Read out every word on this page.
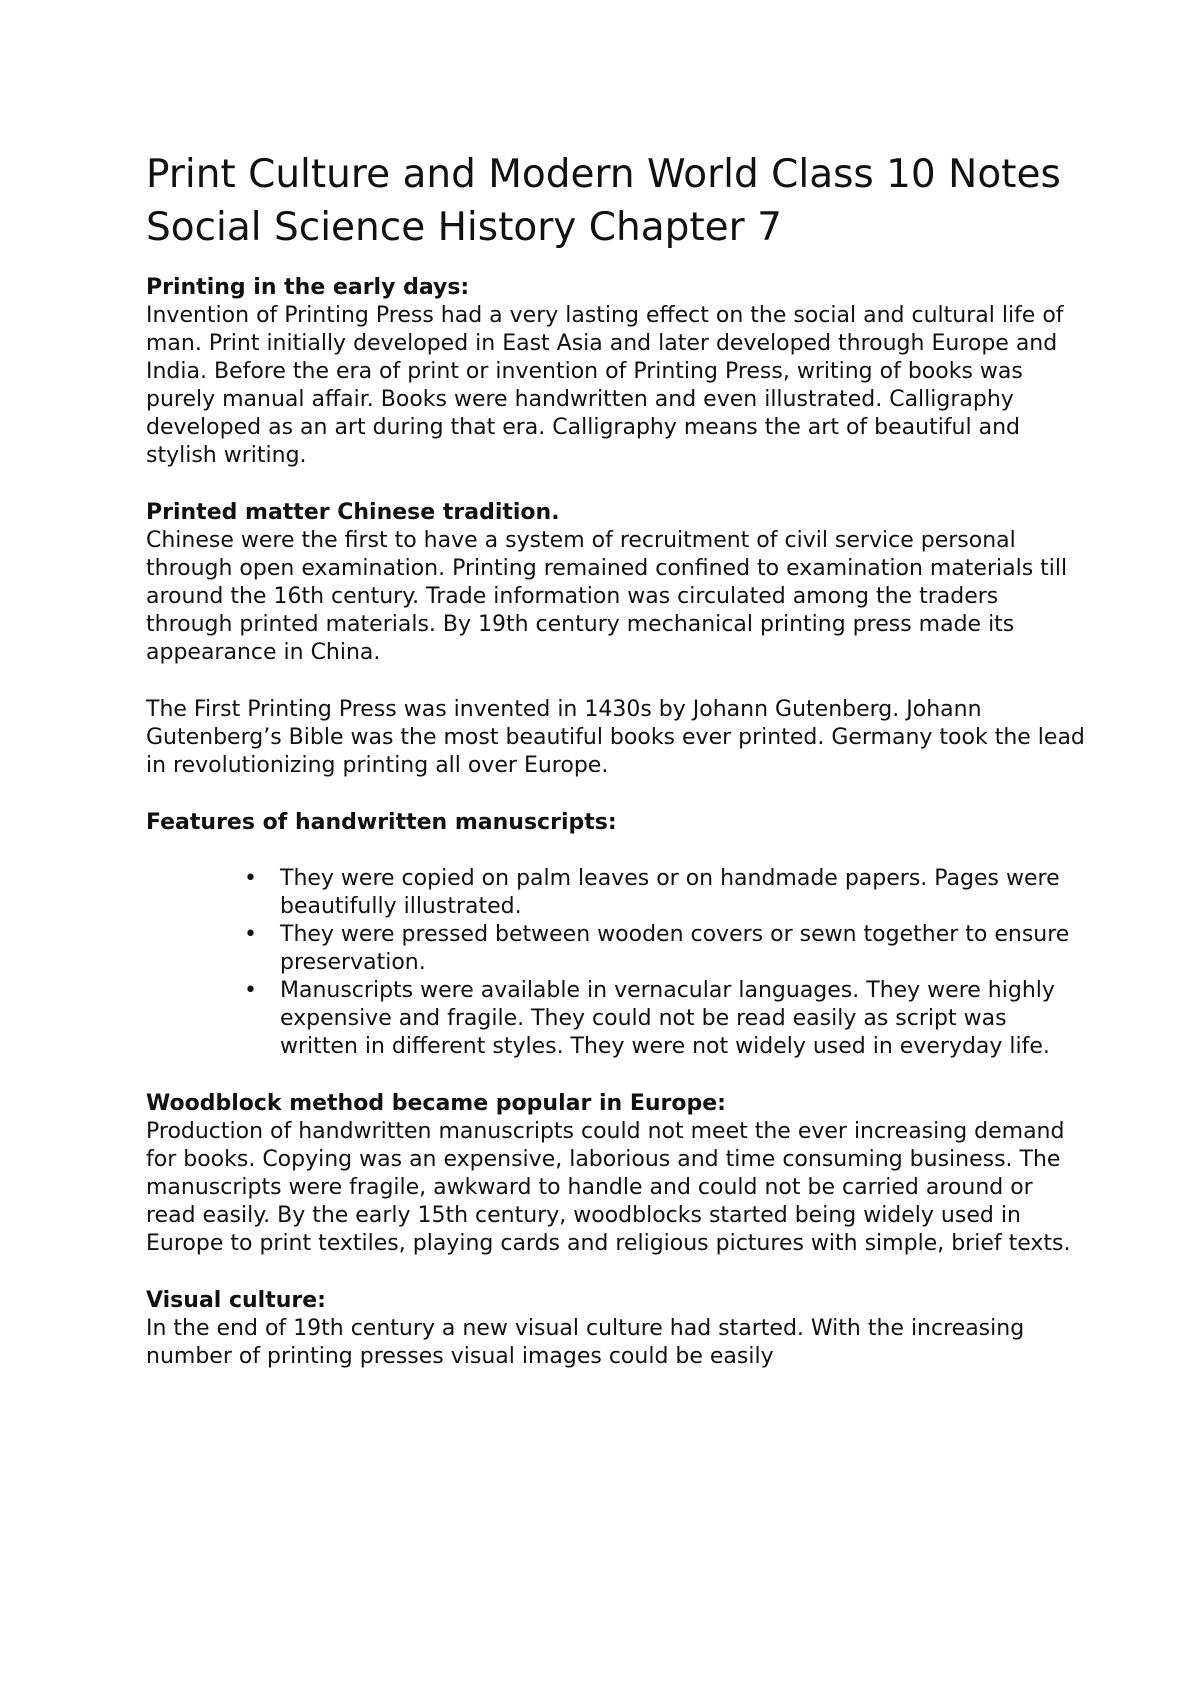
Print Culture and Modern World Class 10 Notes Social Science History Chapter 7

Printing in the early days:

Invention of Printing Press had a very lasting effect on the social and cultural life of man. Print initially developed in East Asia and later developed through Europe and India. Before the era of print or invention of Printing Press, writing of books was purely manual affair. Books were handwritten and even illustrated. Calligraphy developed as an art during that era. Calligraphy means the art of beautiful and stylish writing.

Printed matter Chinese tradition.

Chinese were the first to have a system of recruitment of civil service personal through open examination. Printing remained confined to examination materials till around the 16th century. Trade information was circulated among the traders through printed materials. By 19th century mechanical printing press made its appearance in China.

The First Printing Press was invented in 1430s by Johann Gutenberg. Johann Gutenberg’s Bible was the most beautiful books ever printed. Germany took the lead in revolutionizing printing all over Europe.

Features of handwritten manuscripts:

• They were copied on palm leaves or on handmade papers. Pages were beautifully illustrated.
• They were pressed between wooden covers or sewn together to ensure preservation.
• Manuscripts were available in vernacular languages. They were highly expensive and fragile. They could not be read easily as script was written in different styles. They were not widely used in everyday life.

Woodblock method became popular in Europe:

Production of handwritten manuscripts could not meet the ever increasing demand for books. Copying was an expensive, laborious and time consuming business. The manuscripts were fragile, awkward to handle and could not be carried around or read easily. By the early 15th century, woodblocks started being widely used in Europe to print textiles, playing cards and religious pictures with simple, brief texts.

Visual culture:

In the end of 19th century a new visual culture had started. With the increasing number of printing presses visual images could be easily
